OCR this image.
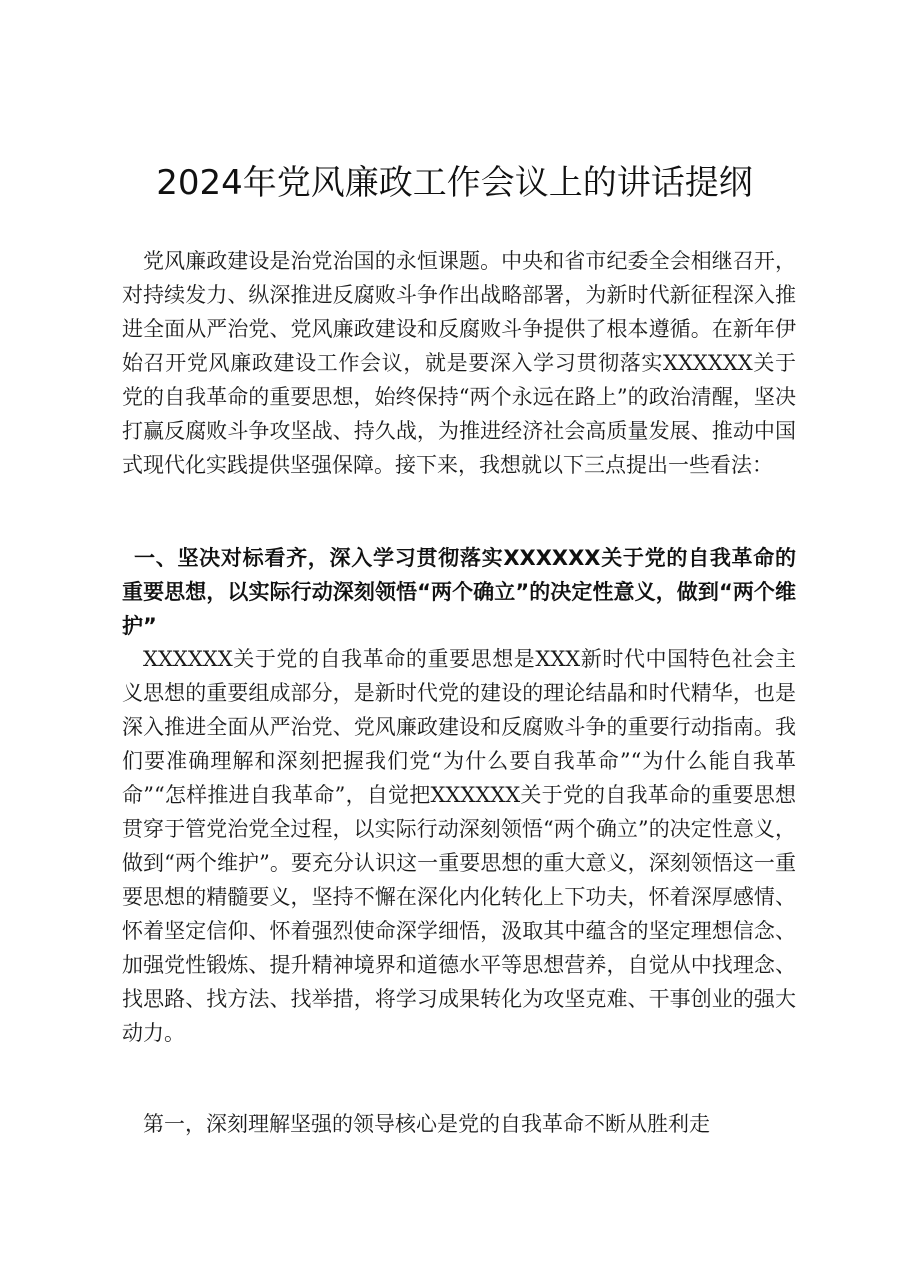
2024年党风廉政工作会议上的讲话提纲
党风廉政建设是治党治国的永恒课题。中央和省市纪委全会相继召开，对持续发力、纵深推进反腐败斗争作出战略部署，为新时代新征程深入推进全面从严治党、党风廉政建设和反腐败斗争提供了根本遵循。在新年伊始召开党风廉政建设工作会议，就是要深入学习贯彻落实XXXXXX关于党的自我革命的重要思想，始终保持“两个永远在路上”的政治清醒，坚决打赢反腐败斗争攻坚战、持久战，为推进经济社会高质量发展、推动中国式现代化实践提供坚强保障。接下来，我想就以下三点提出一些看法：
一、坚决对标看齐，深入学习贯彻落实XXXXXX关于党的自我革命的重要思想，以实际行动深刻领悟“两个确立”的决定性意义，做到“两个维护”
XXXXXX关于党的自我革命的重要思想是XXX新时代中国特色社会主义思想的重要组成部分，是新时代党的建设的理论结晶和时代精华，也是深入推进全面从严治党、党风廉政建设和反腐败斗争的重要行动指南。我们要准确理解和深刻把握我们党“为什么要自我革命”“为什么能自我革命”“怎样推进自我革命”，自觉把XXXXXX关于党的自我革命的重要思想贯穿于管党治党全过程，以实际行动深刻领悟“两个确立”的决定性意义，做到“两个维护”。要充分认识这一重要思想的重大意义，深刻领悟这一重要思想的精髓要义，坚持不懈在深化内化转化上下功夫，怀着深厚感情、怀着坚定信仰、怀着强烈使命深学细悟，汲取其中蕴含的坚定理想信念、加强党性锻炼、提升精神境界和道德水平等思想营养，自觉从中找理念、找思路、找方法、找举措，将学习成果转化为攻坚克难、干事创业的强大动力。
第一，深刻理解坚强的领导核心是党的自我革命不断从胜利走
